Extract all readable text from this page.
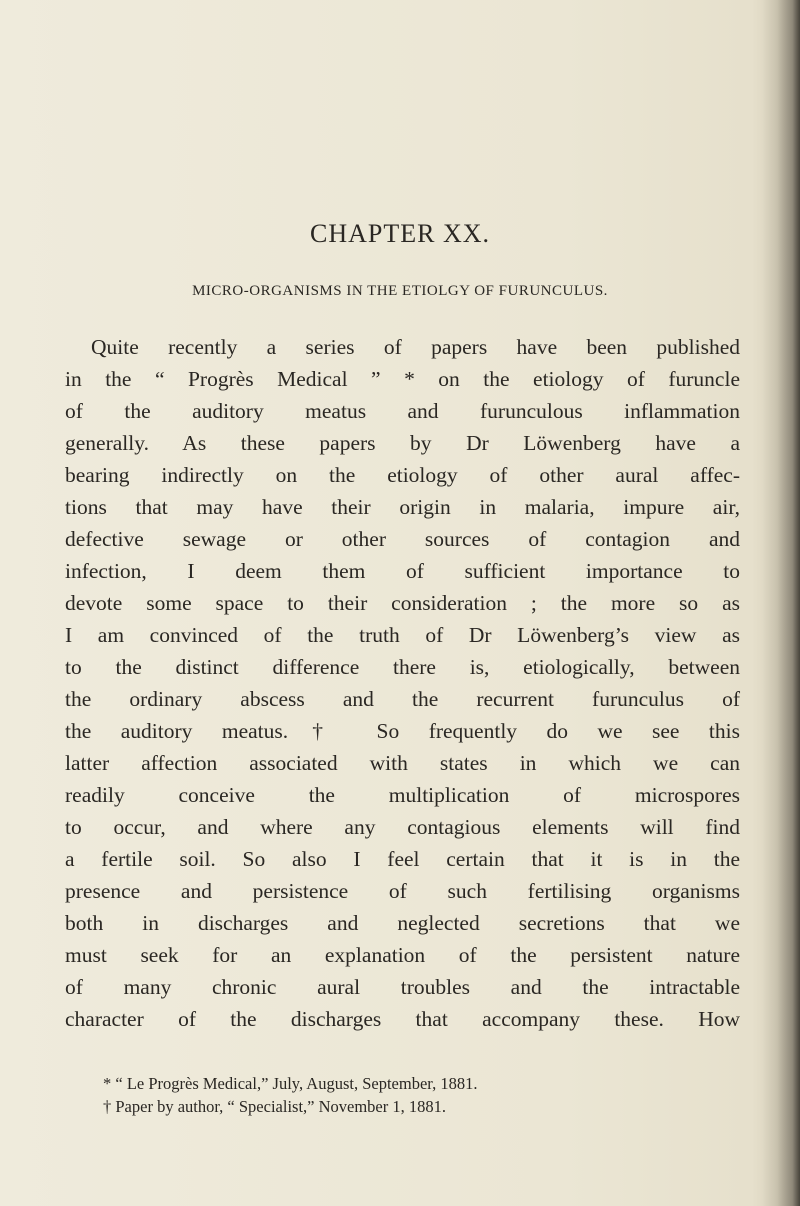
CHAPTER XX.
MICRO-ORGANISMS IN THE ETIOLGY OF FURUNCULUS.
Quite recently a series of papers have been published
in the “ Progrès Medical ” * on the etiology of furuncle
of the auditory meatus and furunculous inflammation
generally. As these papers by Dr Löwenberg have a
bearing indirectly on the etiology of other aural affec-
tions that may have their origin in malaria, impure air,
defective sewage or other sources of contagion and
infection, I deem them of sufficient importance to
devote some space to their consideration ; the more so as
I am convinced of the truth of Dr Löwenberg’s view as
to the distinct difference there is, etiologically, between
the ordinary abscess and the recurrent furunculus of
the auditory meatus.† So frequently do we see this
latter affection associated with states in which we can
readily conceive the multiplication of microspores
to occur, and where any contagious elements will find
a fertile soil. So also I feel certain that it is in the
presence and persistence of such fertilising organisms
both in discharges and neglected secretions that we
must seek for an explanation of the persistent nature
of many chronic aural troubles and the intractable
character of the discharges that accompany these. How
* “ Le Progrès Medical,” July, August, September, 1881.
† Paper by author, “ Specialist,” November 1, 1881.
